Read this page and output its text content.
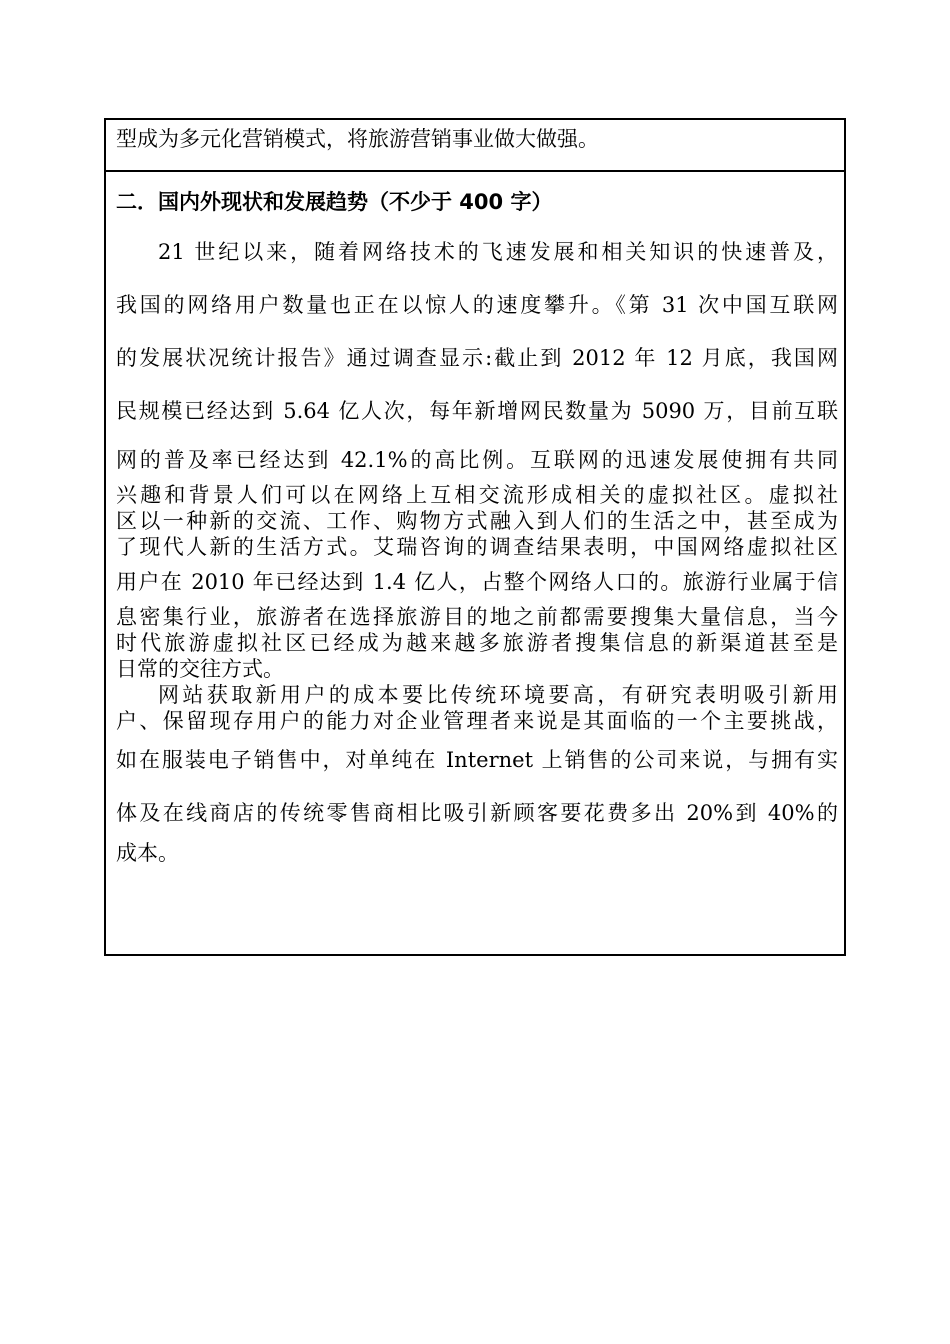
型成为多元化营销模式，将旅游营销事业做大做强。

二．国内外现状和发展趋势（不少于 400 字）

21 世纪以来，随着网络技术的飞速发展和相关知识的快速普及，
我国的网络用户数量也正在以惊人的速度攀升。《第 31 次中国互联网
的发展状况统计报告》通过调查显示:截止到 2012 年 12 月底，我国网
民规模已经达到 5.64 亿人次，每年新增网民数量为 5090 万，目前互联
网的普及率已经达到 42.1%的高比例。互联网的迅速发展使拥有共同
兴趣和背景人们可以在网络上互相交流形成相关的虚拟社区。虚拟社
区以一种新的交流、工作、购物方式融入到人们的生活之中，甚至成为
了现代人新的生活方式。艾瑞咨询的调查结果表明，中国网络虚拟社区
用户在 2010 年已经达到 1.4 亿人，占整个网络人口的。旅游行业属于信
息密集行业，旅游者在选择旅游目的地之前都需要搜集大量信息，当今
时代旅游虚拟社区已经成为越来越多旅游者搜集信息的新渠道甚至是
日常的交往方式。
网站获取新用户的成本要比传统环境要高，有研究表明吸引新用
户、保留现存用户的能力对企业管理者来说是其面临的一个主要挑战，
如在服装电子销售中，对单纯在 Internet 上销售的公司来说，与拥有实
体及在线商店的传统零售商相比吸引新顾客要花费多出 20%到 40%的
成本。
